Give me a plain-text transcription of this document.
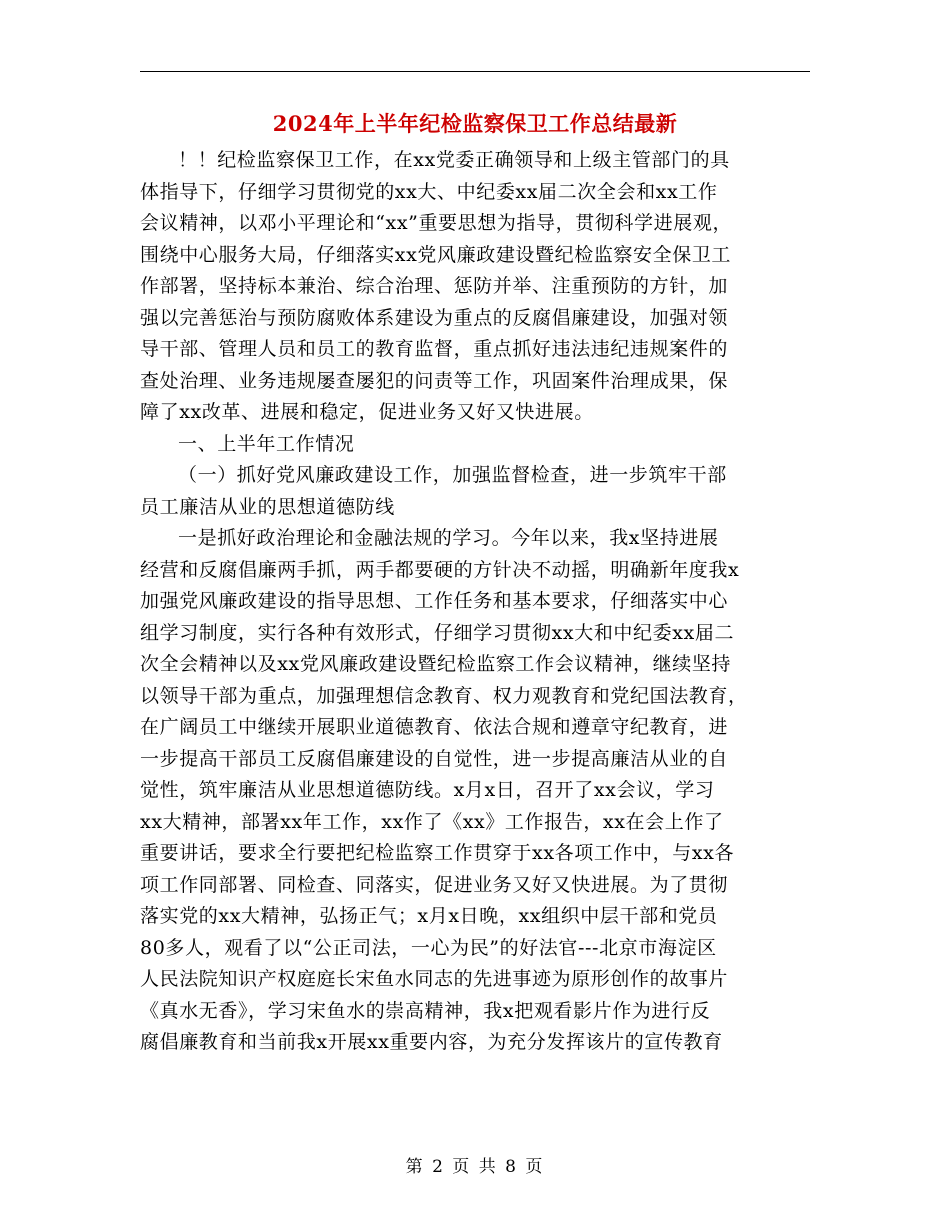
2024年上半年纪检监察保卫工作总结最新
！！纪检监察保卫工作，在xx党委正确领导和上级主管部门的具
体指导下，仔细学习贯彻党的xx大、中纪委xx届二次全会和xx工作
会议精神，以邓小平理论和“xx”重要思想为指导，贯彻科学进展观，
围绕中心服务大局，仔细落实xx党风廉政建设暨纪检监察安全保卫工
作部署，坚持标本兼治、综合治理、惩防并举、注重预防的方针，加
强以完善惩治与预防腐败体系建设为重点的反腐倡廉建设，加强对领
导干部、管理人员和员工的教育监督，重点抓好违法违纪违规案件的
查处治理、业务违规屡查屡犯的问责等工作，巩固案件治理成果，保
障了xx改革、进展和稳定，促进业务又好又快进展。
一、上半年工作情况
（一）抓好党风廉政建设工作，加强监督检查，进一步筑牢干部
员工廉洁从业的思想道德防线
一是抓好政治理论和金融法规的学习。今年以来，我x坚持进展
经营和反腐倡廉两手抓，两手都要硬的方针决不动摇，明确新年度我x
加强党风廉政建设的指导思想、工作任务和基本要求，仔细落实中心
组学习制度，实行各种有效形式，仔细学习贯彻xx大和中纪委xx届二
次全会精神以及xx党风廉政建设暨纪检监察工作会议精神，继续坚持
以领导干部为重点，加强理想信念教育、权力观教育和党纪国法教育，
在广阔员工中继续开展职业道德教育、依法合规和遵章守纪教育，进
一步提高干部员工反腐倡廉建设的自觉性，进一步提高廉洁从业的自
觉性，筑牢廉洁从业思想道德防线。x月x日，召开了xx会议，学习
xx大精神，部署xx年工作，xx作了《xx》工作报告，xx在会上作了
重要讲话，要求全行要把纪检监察工作贯穿于xx各项工作中，与xx各
项工作同部署、同检查、同落实，促进业务又好又快进展。为了贯彻
落实党的xx大精神，弘扬正气；x月x日晚，xx组织中层干部和党员
80多人，观看了以“公正司法，一心为民”的好法官---北京市海淀区
人民法院知识产权庭庭长宋鱼水同志的先进事迹为原形创作的故事片
《真水无香》，学习宋鱼水的崇高精神，我x把观看影片作为进行反
腐倡廉教育和当前我x开展xx重要内容，为充分发挥该片的宣传教育
第 2 页 共 8 页
